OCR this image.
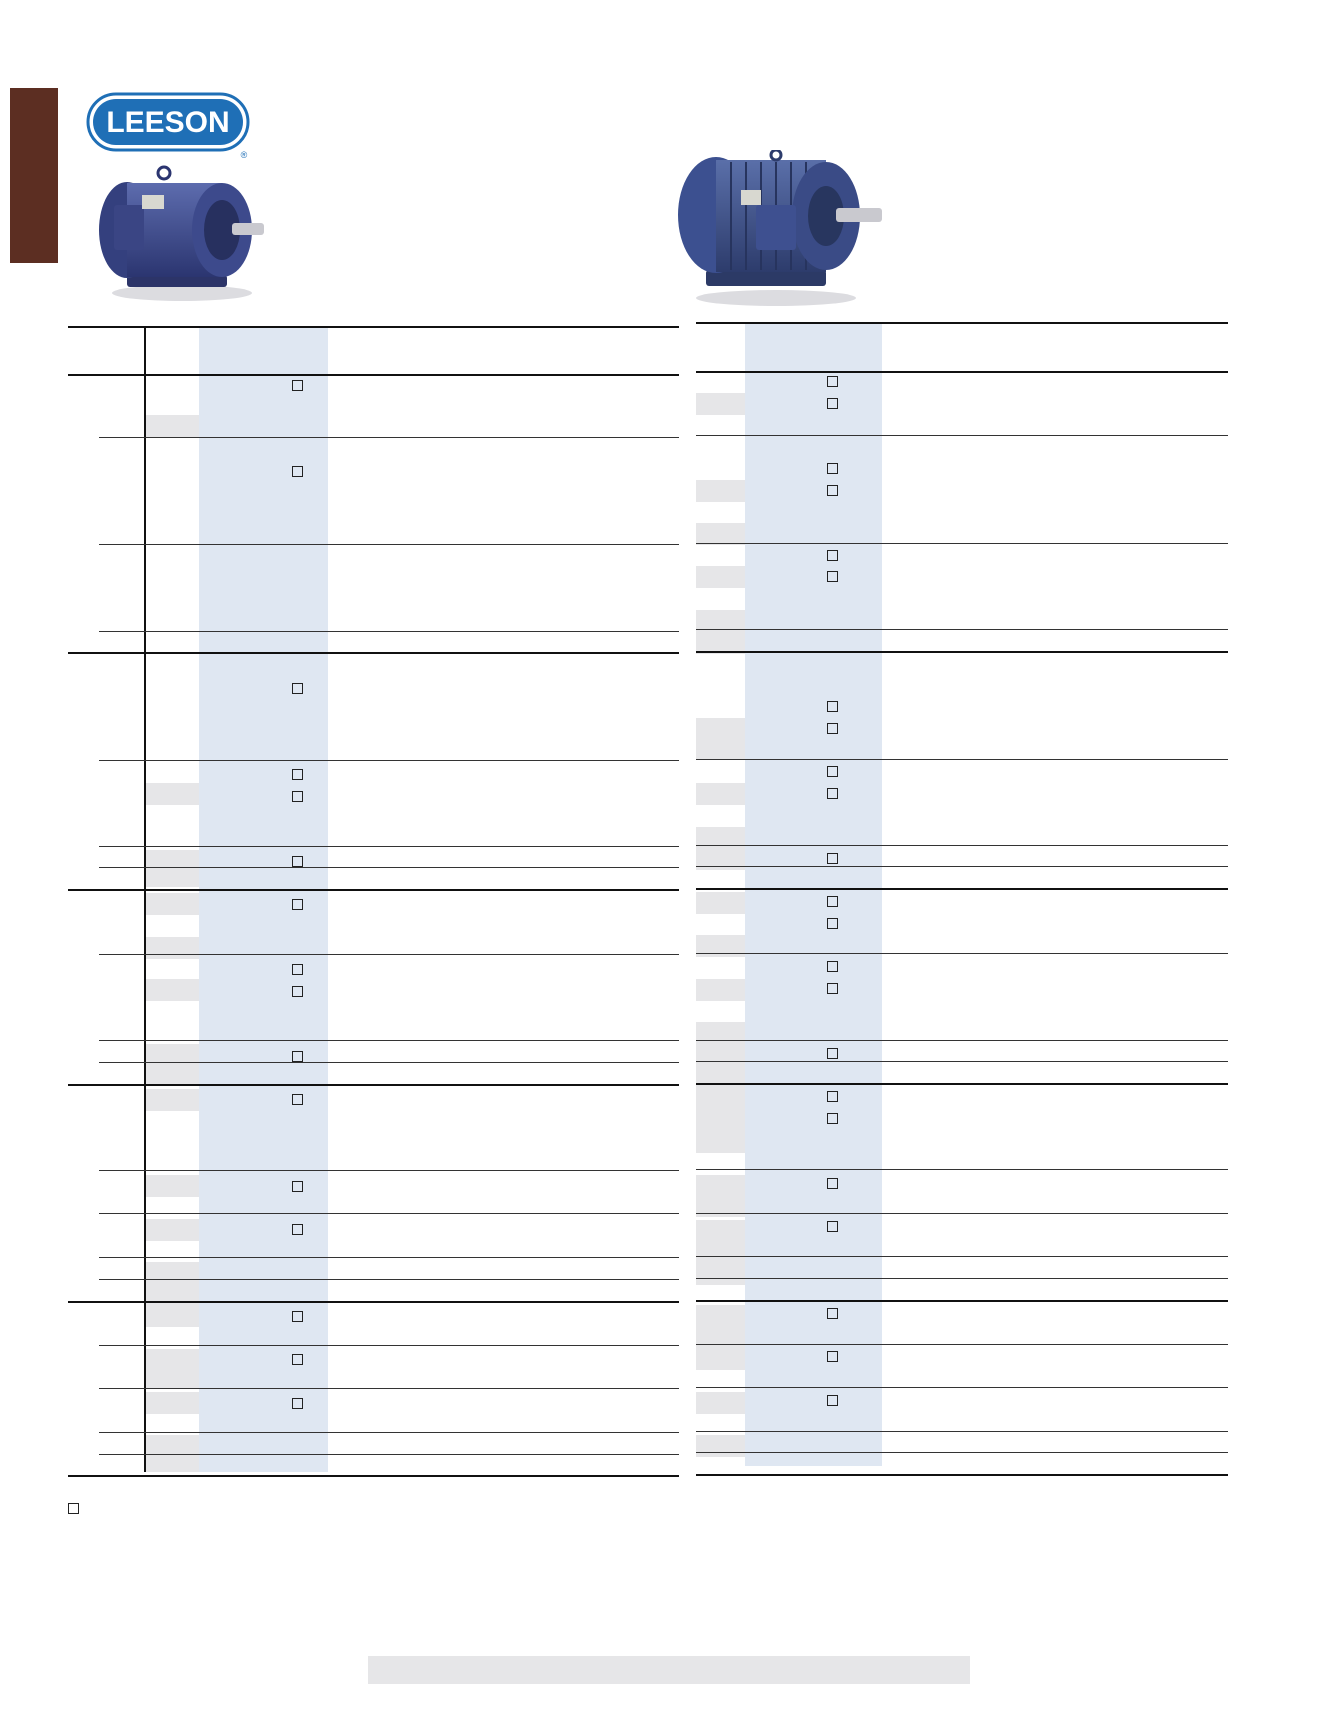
LEESON
®
